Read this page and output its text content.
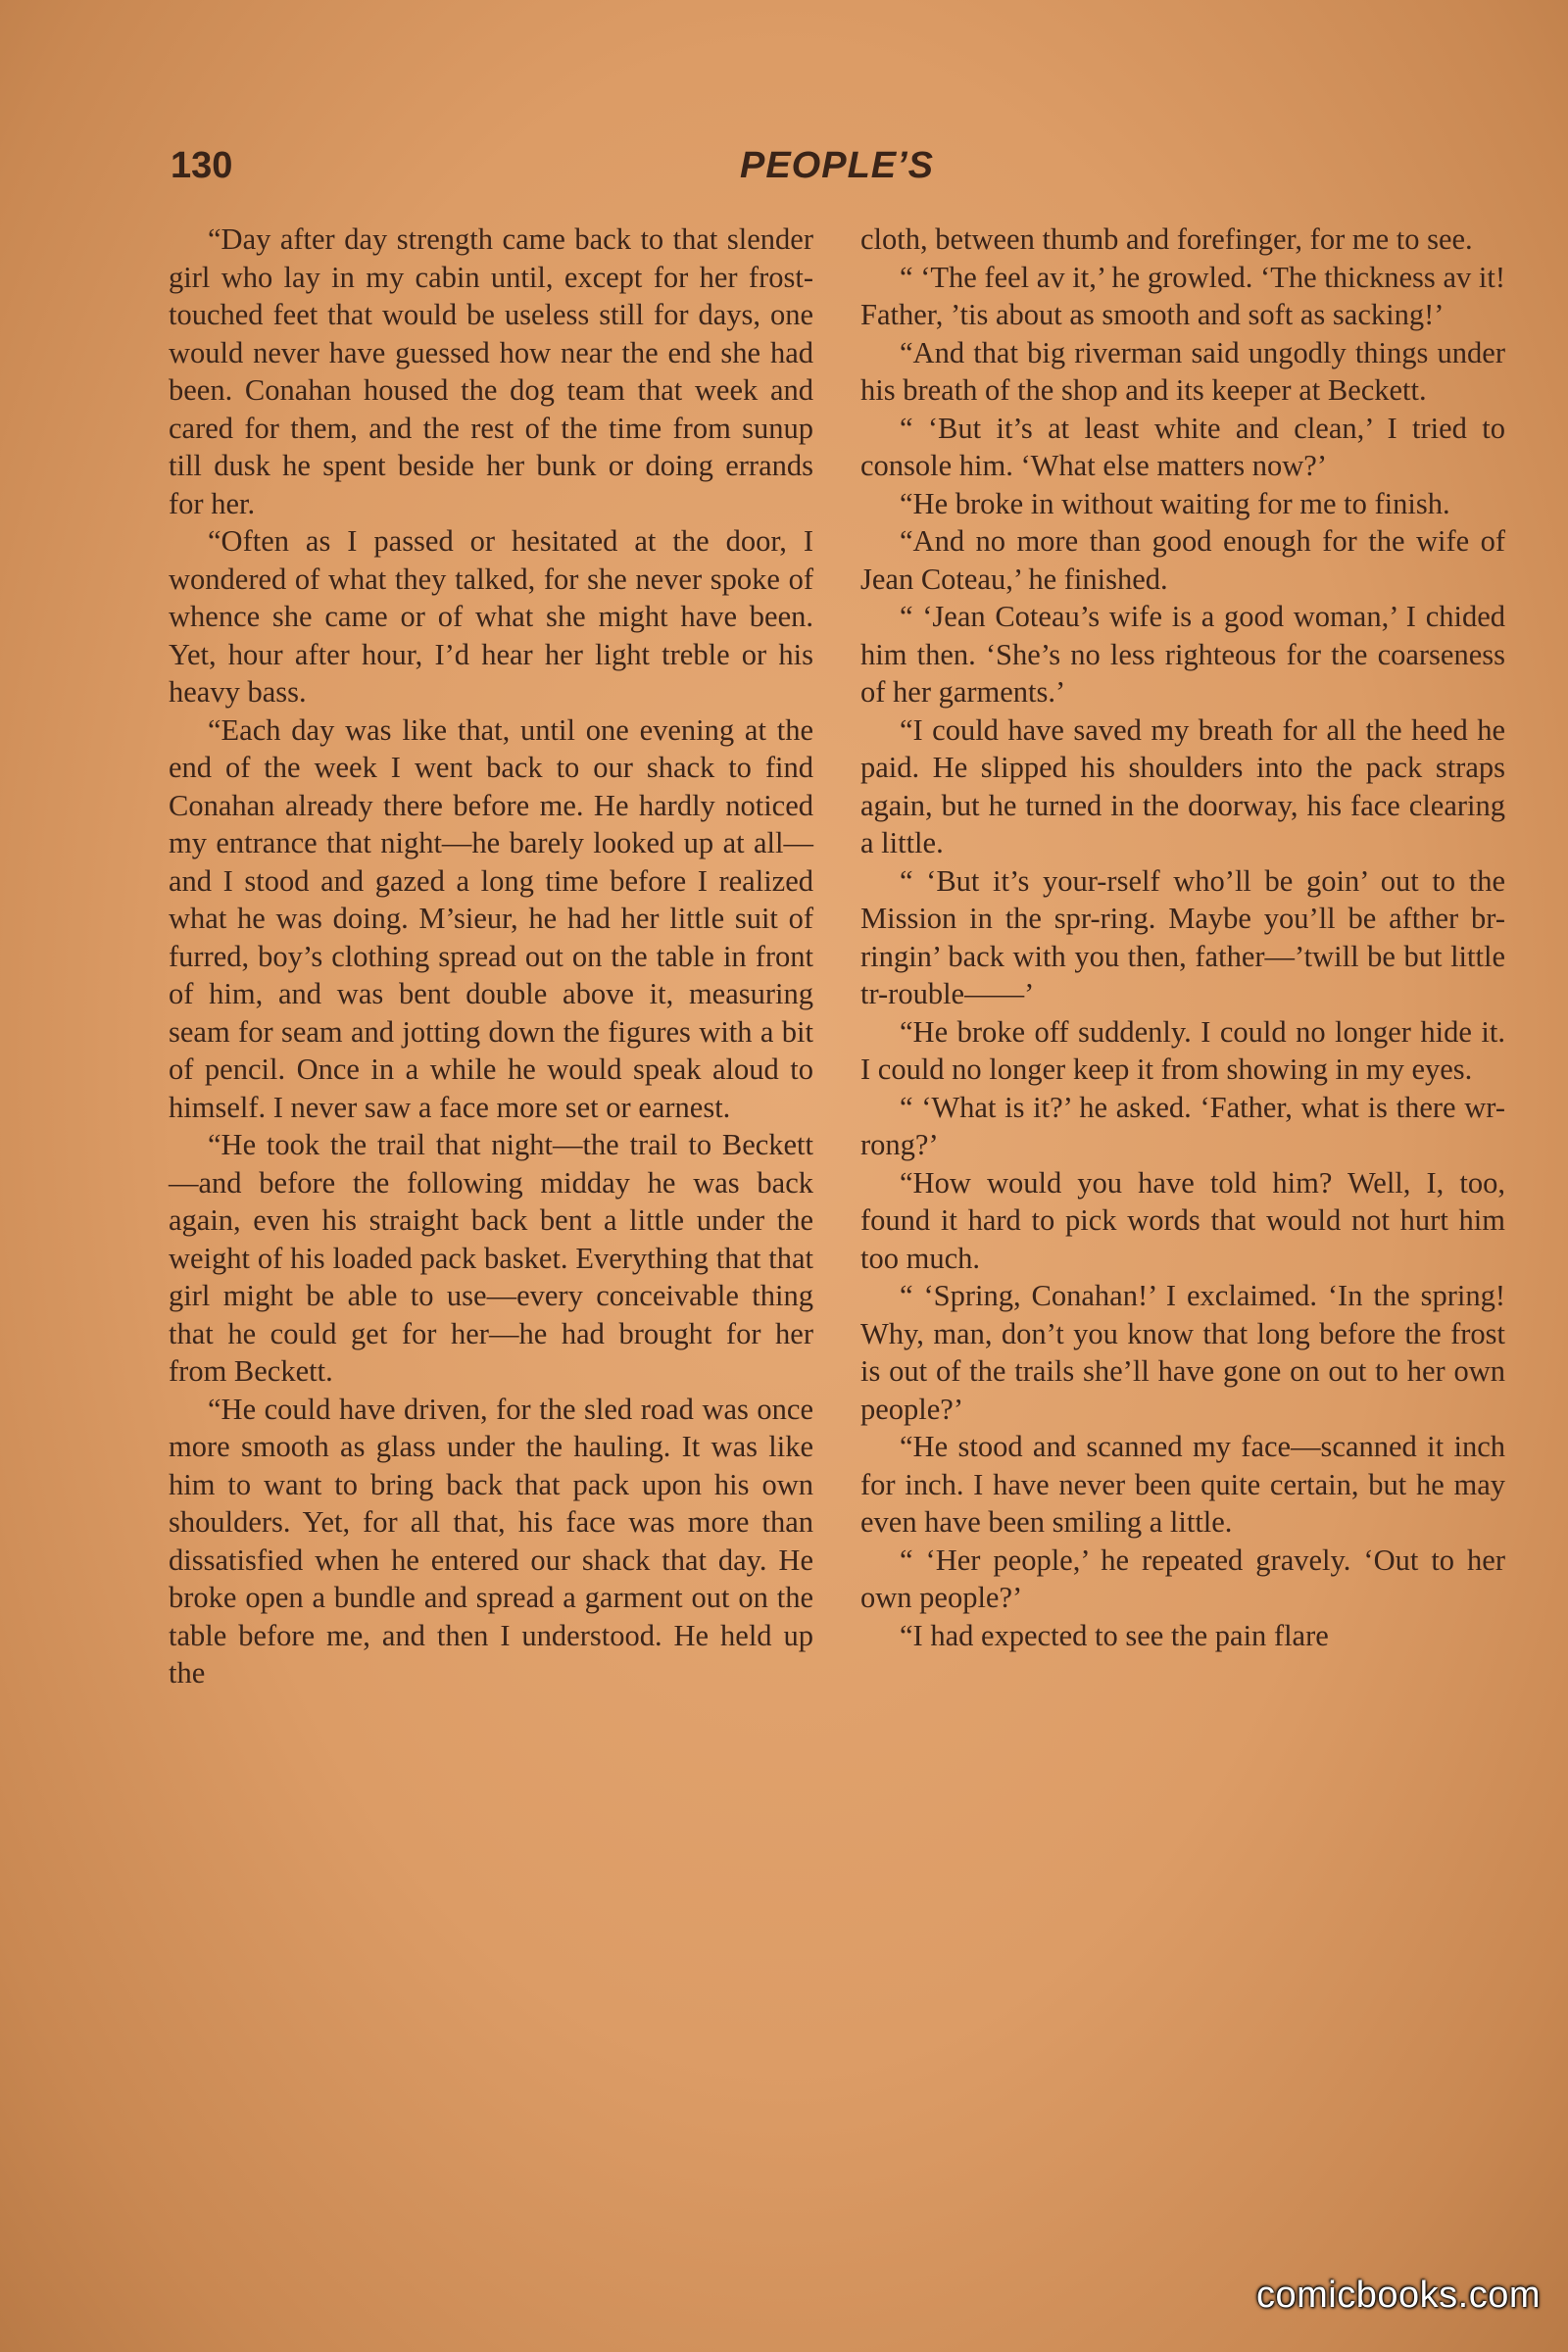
130	PEOPLE’S

“Day after day strength came back to that slender girl who lay in my cabin until, except for her frost-touched feet that would be useless still for days, one would never have guessed how near the end she had been. Conahan housed the dog team that week and cared for them, and the rest of the time from sunup till dusk he spent beside her bunk or doing errands for her.

“Often as I passed or hesitated at the door, I wondered of what they talked, for she never spoke of whence she came or of what she might have been. Yet, hour after hour, I’d hear her light treble or his heavy bass.

“Each day was like that, until one evening at the end of the week I went back to our shack to find Conahan already there before me. He hardly noticed my entrance that night—he barely looked up at all—and I stood and gazed a long time before I realized what he was doing. M’sieur, he had her little suit of furred, boy’s clothing spread out on the table in front of him, and was bent double above it, measuring seam for seam and jotting down the figures with a bit of pencil. Once in a while he would speak aloud to himself. I never saw a face more set or earnest.

“He took the trail that night—the trail to Beckett—and before the following midday he was back again, even his straight back bent a little under the weight of his loaded pack basket. Everything that that girl might be able to use—every conceivable thing that he could get for her—he had brought for her from Beckett.

“He could have driven, for the sled road was once more smooth as glass under the hauling. It was like him to want to bring back that pack upon his own shoulders. Yet, for all that, his face was more than dissatisfied when he entered our shack that day. He broke open a bundle and spread a garment out on the table before me, and then I understood. He held up the

cloth, between thumb and forefinger, for me to see.

“ ‘The feel av it,’ he growled. ‘The thickness av it! Father, ’tis about as smooth and soft as sacking!’

“And that big riverman said ungodly things under his breath of the shop and its keeper at Beckett.

“ ‘But it’s at least white and clean,’ I tried to console him. ‘What else matters now?’

“He broke in without waiting for me to finish.

“And no more than good enough for the wife of Jean Coteau,’ he finished.

“ ‘Jean Coteau’s wife is a good woman,’ I chided him then. ‘She’s no less righteous for the coarseness of her garments.’

“I could have saved my breath for all the heed he paid. He slipped his shoulders into the pack straps again, but he turned in the doorway, his face clearing a little.

“ ‘But it’s your-rself who’ll be goin’ out to the Mission in the spr-ring. Maybe you’ll be afther br-ringin’ back with you then, father—’twill be but little tr-rouble——’

“He broke off suddenly. I could no longer hide it. I could no longer keep it from showing in my eyes.

“ ‘What is it?’ he asked. ‘Father, what is there wr-rong?’

“How would you have told him? Well, I, too, found it hard to pick words that would not hurt him too much.

“ ‘Spring, Conahan!’ I exclaimed. ‘In the spring! Why, man, don’t you know that long before the frost is out of the trails she’ll have gone on out to her own people?’

“He stood and scanned my face—scanned it inch for inch. I have never been quite certain, but he may even have been smiling a little.

“ ‘Her people,’ he repeated gravely. ‘Out to her own people?’

“I had expected to see the pain flare

comicbooks.com
